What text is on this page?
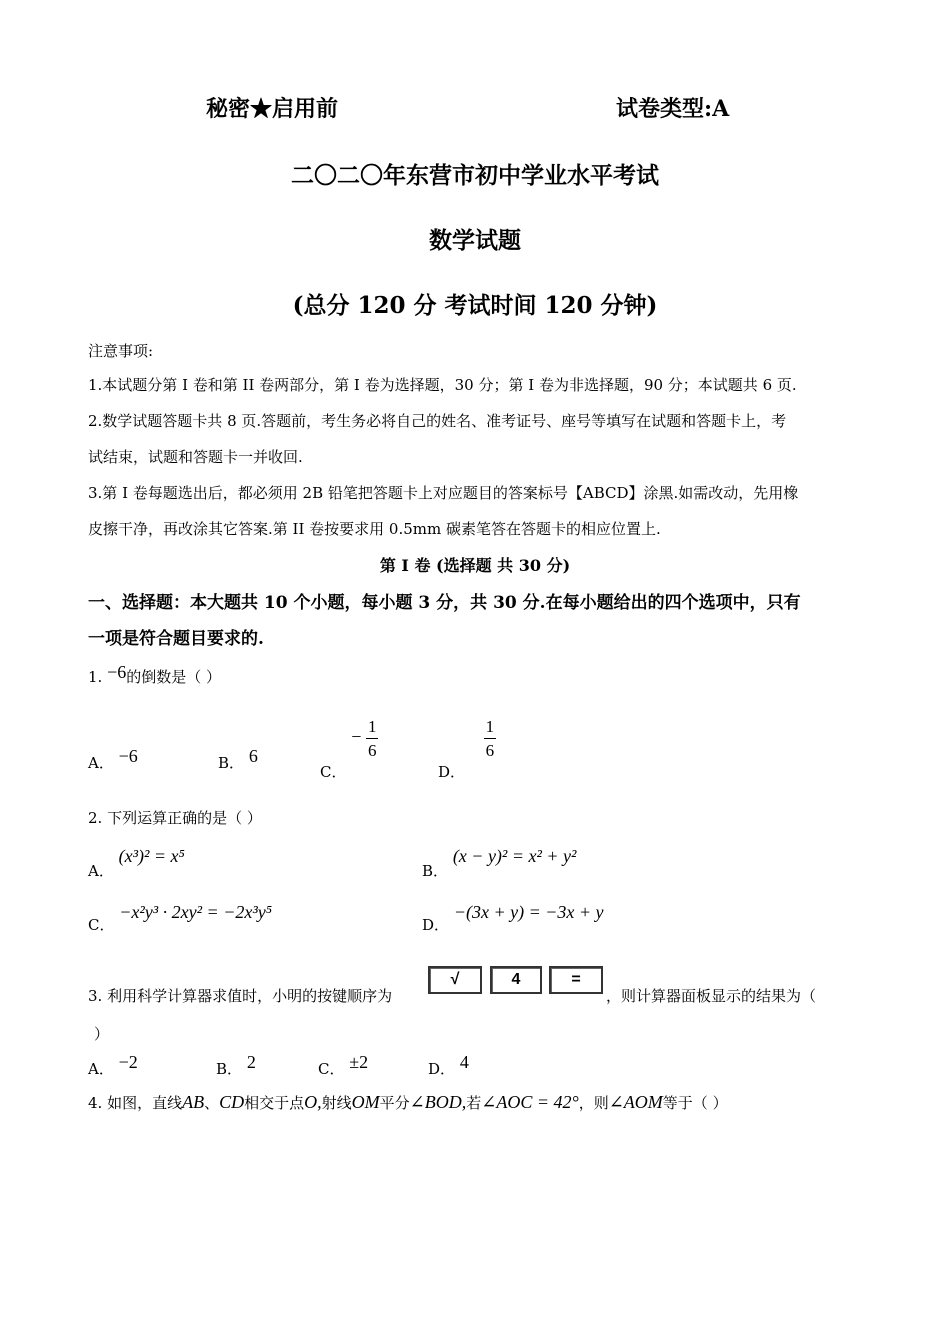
秘密★启用前	试卷类型:A
二〇二〇年东营市初中学业水平考试
数学试题
(总分 120 分 考试时间 120 分钟)
注意事项:
1.本试题分第 I 卷和第 II 卷两部分，第 I 卷为选择题，30 分；第 I 卷为非选择题，90 分；本试题共 6 页.
2.数学试题答题卡共 8 页.答题前，考生务必将自己的姓名、准考证号、座号等填写在试题和答题卡上，考
试结束，试题和答题卡一并收回.
3.第 I 卷每题选出后，都必须用 2B 铅笔把答题卡上对应题目的答案标号【ABCD】涂黑.如需改动，先用橡
皮擦干净，再改涂其它答案.第 II 卷按要求用 0.5mm 碳素笔答在答题卡的相应位置上.
第 I 卷 (选择题 共 30 分)
一、选择题：本大题共 10 个小题，每小题 3 分，共 30 分.在每小题给出的四个选项中，只有
一项是符合题目要求的.
1. −6的倒数是（ ）
A． −6	B． 6
C． − $\frac{1}{6}$
D．
$\frac{1}{6}$
2. 下列运算正确的是（ ）
A． (x³)² = x⁵
B． (x − y)² = x² + y²
C． −x²y³ · 2xy² = −2x³y⁵
D． −(3x + y) = −3x + y
3. 利用科学计算器求值时，小明的按键顺序为
√	4	=
，则计算器面板显示的结果为（
）
A． −2	B． 2	C． ±2	D． 4
4. 如图，直线AB、CD相交于点O,射线OM平分∠BOD,若∠AOC = 42°，则∠AOM等于（ ）
